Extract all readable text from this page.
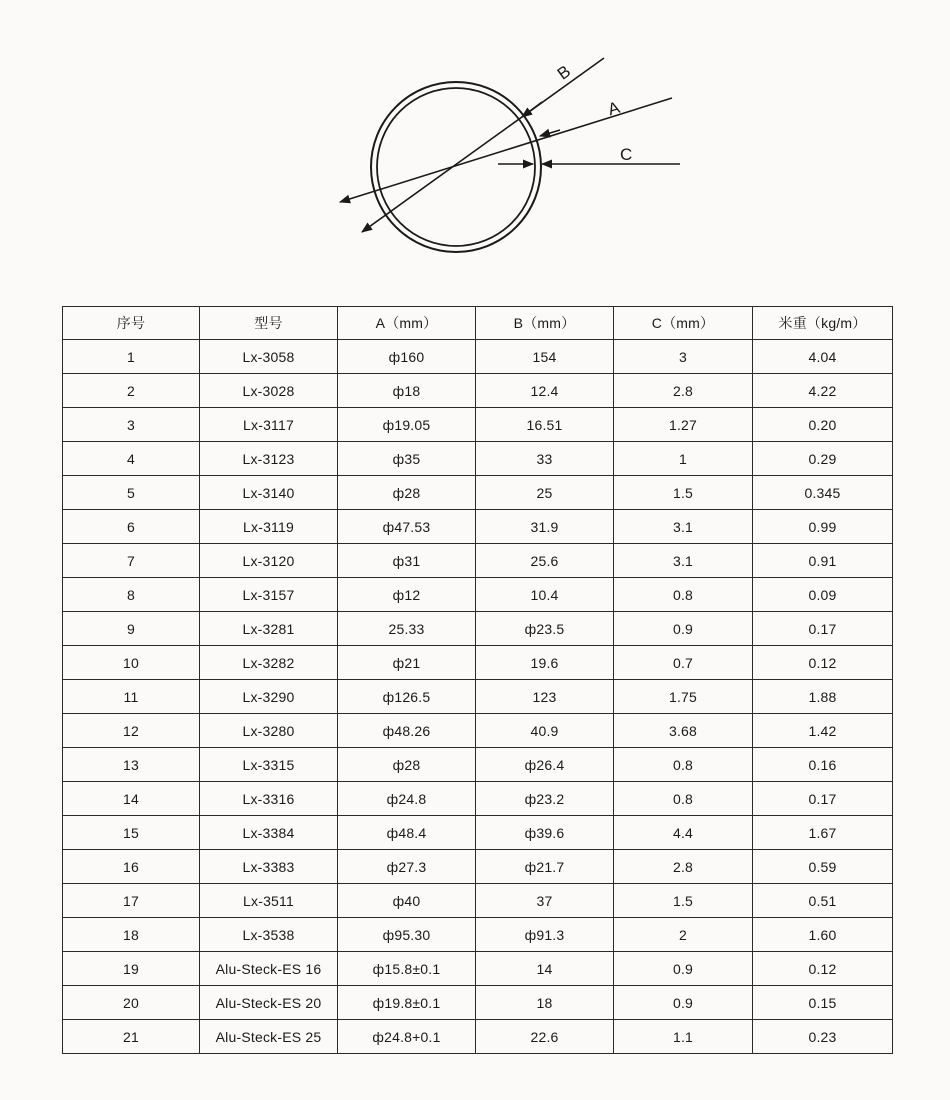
B
A
C
序号	型号	A（mm）	B（mm）	C（mm）	米重（kg/m）
1	Lx-3058	ф160	154	3	4.04
2	Lx-3028	ф18	12.4	2.8	4.22
3	Lx-3117	ф19.05	16.51	1.27	0.20
4	Lx-3123	ф35	33	1	0.29
5	Lx-3140	ф28	25	1.5	0.345
6	Lx-3119	ф47.53	31.9	3.1	0.99
7	Lx-3120	ф31	25.6	3.1	0.91
8	Lx-3157	ф12	10.4	0.8	0.09
9	Lx-3281	25.33	ф23.5	0.9	0.17
10	Lx-3282	ф21	19.6	0.7	0.12
11	Lx-3290	ф126.5	123	1.75	1.88
12	Lx-3280	ф48.26	40.9	3.68	1.42
13	Lx-3315	ф28	ф26.4	0.8	0.16
14	Lx-3316	ф24.8	ф23.2	0.8	0.17
15	Lx-3384	ф48.4	ф39.6	4.4	1.67
16	Lx-3383	ф27.3	ф21.7	2.8	0.59
17	Lx-3511	ф40	37	1.5	0.51
18	Lx-3538	ф95.30	ф91.3	2	1.60
19	Alu-Steck-ES 16	ф15.8±0.1	14	0.9	0.12
20	Alu-Steck-ES 20	ф19.8±0.1	18	0.9	0.15
21	Alu-Steck-ES 25	ф24.8+0.1	22.6	1.1	0.23
